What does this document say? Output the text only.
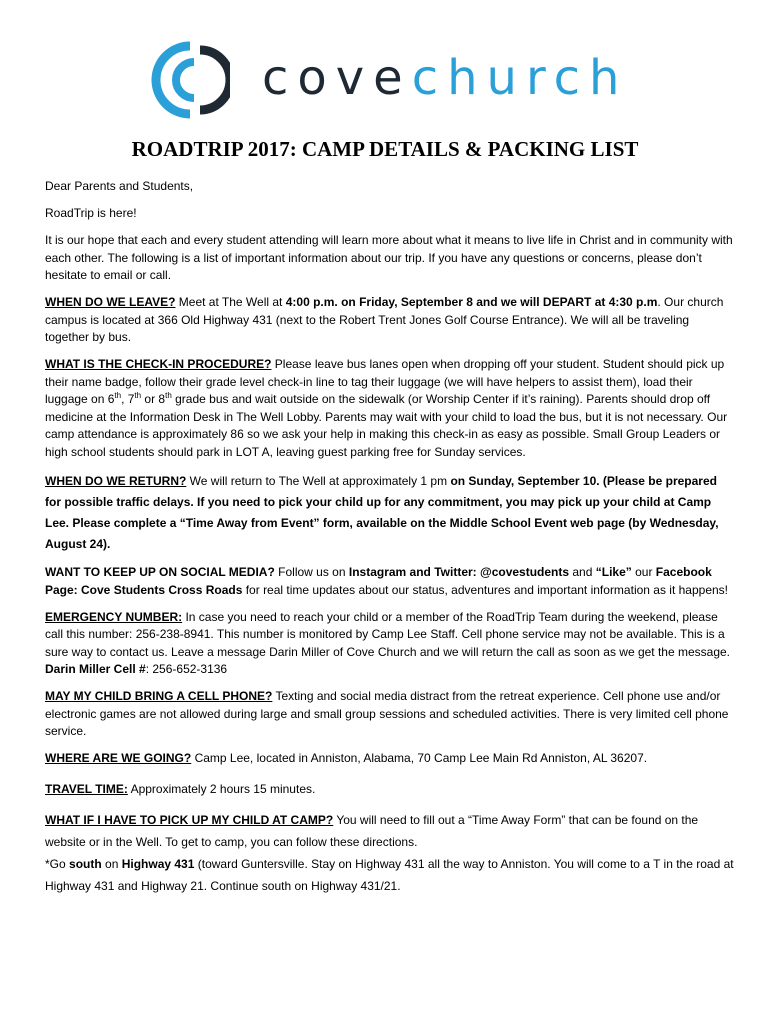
covechurch
ROADTRIP 2017: CAMP DETAILS & PACKING LIST

Dear Parents and Students,

RoadTrip is here!

It is our hope that each and every student attending will learn more about what it means to live life in Christ and in community with each other. The following is a list of important information about our trip. If you have any questions or concerns, please don’t hesitate to email or call.

WHEN DO WE LEAVE? Meet at The Well at 4:00 p.m. on Friday, September 8 and we will DEPART at 4:30 p.m. Our church campus is located at 366 Old Highway 431 (next to the Robert Trent Jones Golf Course Entrance). We will all be traveling together by bus.

WHAT IS THE CHECK-IN PROCEDURE? Please leave bus lanes open when dropping off your student. Student should pick up their name badge, follow their grade level check-in line to tag their luggage (we will have helpers to assist them), load their luggage on 6th, 7th or 8th grade bus and wait outside on the sidewalk (or Worship Center if it’s raining). Parents should drop off medicine at the Information Desk in The Well Lobby. Parents may wait with your child to load the bus, but it is not necessary. Our camp attendance is approximately 86 so we ask your help in making this check-in as easy as possible. Small Group Leaders or high school students should park in LOT A, leaving guest parking free for Sunday services.

WHEN DO WE RETURN? We will return to The Well at approximately 1 pm on Sunday, September 10. (Please be prepared for possible traffic delays. If you need to pick your child up for any commitment, you may pick up your child at Camp Lee. Please complete a “Time Away from Event” form, available on the Middle School Event web page (by Wednesday, August 24).

WANT TO KEEP UP ON SOCIAL MEDIA? Follow us on Instagram and Twitter: @covestudents and “Like” our Facebook Page: Cove Students Cross Roads for real time updates about our status, adventures and important information as it happens!

EMERGENCY NUMBER: In case you need to reach your child or a member of the RoadTrip Team during the weekend, please call this number: 256-238-8941. This number is monitored by Camp Lee Staff. Cell phone service may not be available. This is a sure way to contact us. Leave a message Darin Miller of Cove Church and we will return the call as soon as we get the message. Darin Miller Cell #: 256-652-3136

MAY MY CHILD BRING A CELL PHONE? Texting and social media distract from the retreat experience. Cell phone use and/or electronic games are not allowed during large and small group sessions and scheduled activities. There is very limited cell phone service.

WHERE ARE WE GOING? Camp Lee, located in Anniston, Alabama, 70 Camp Lee Main Rd Anniston, AL 36207.

TRAVEL TIME: Approximately 2 hours 15 minutes.

WHAT IF I HAVE TO PICK UP MY CHILD AT CAMP? You will need to fill out a “Time Away Form” that can be found on the website or in the Well. To get to camp, you can follow these directions.

*Go south on Highway 431 (toward Guntersville. Stay on Highway 431 all the way to Anniston. You will come to a T in the road at Highway 431 and Highway 21. Continue south on Highway 431/21.
